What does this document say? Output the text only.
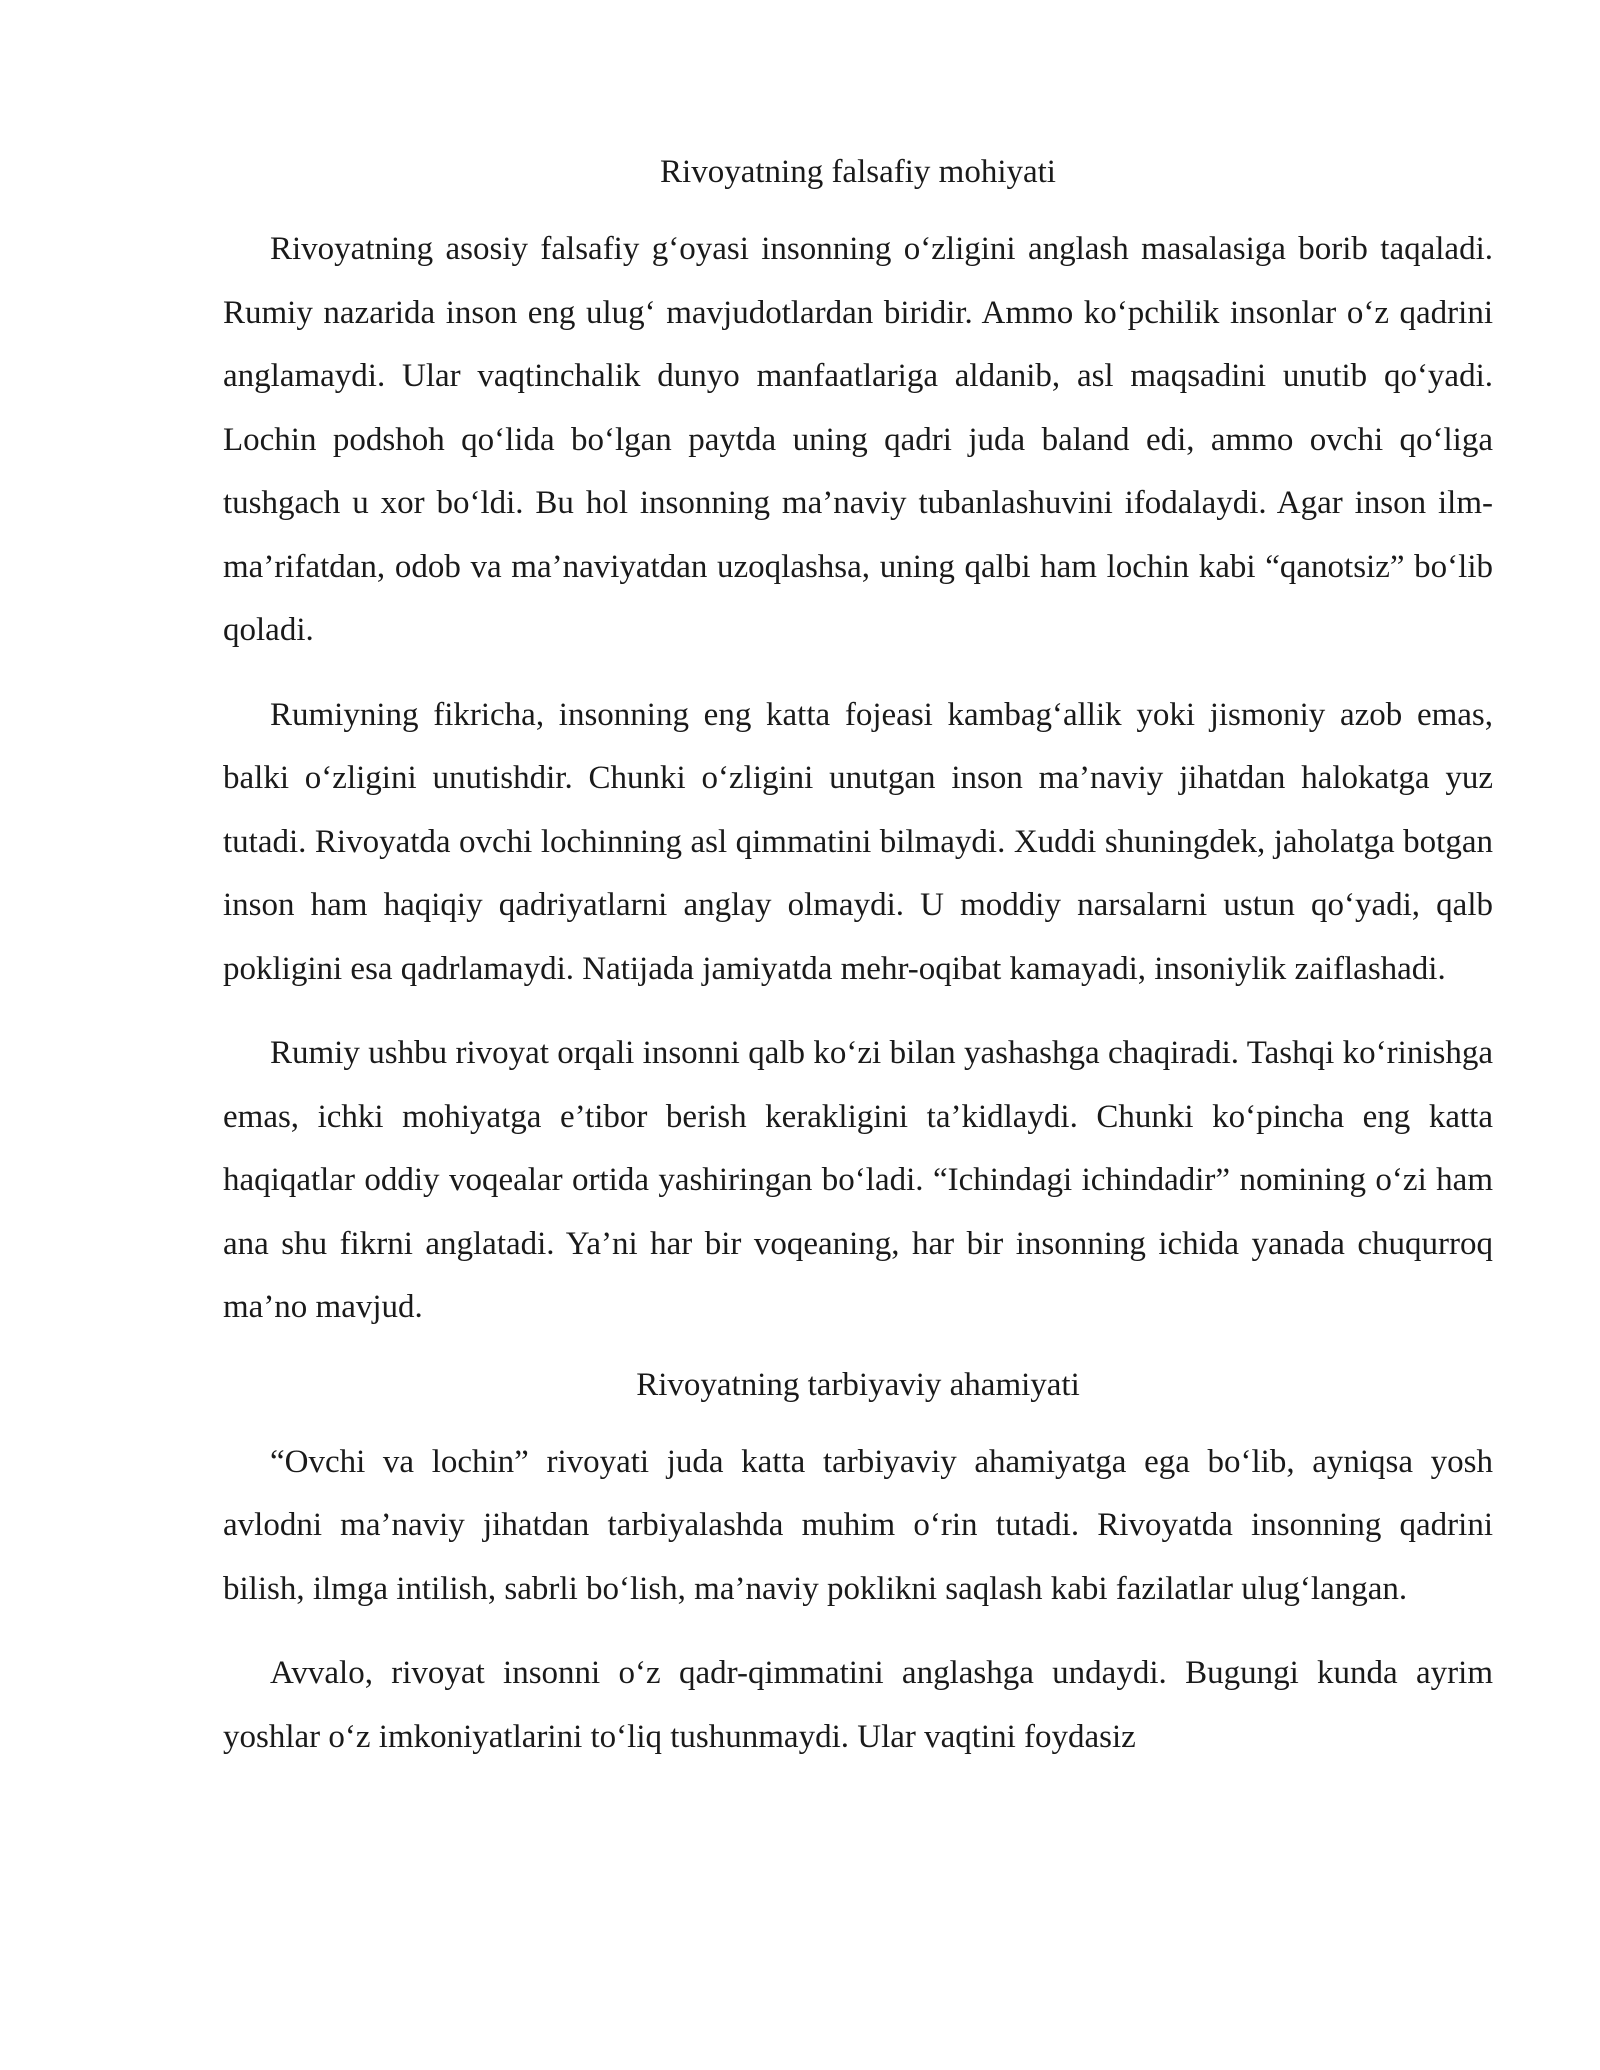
Rivoyatning falsafiy mohiyati

Rivoyatning asosiy falsafiy g‘oyasi insonning o‘zligini anglash masalasiga borib taqaladi. Rumiy nazarida inson eng ulug‘ mavjudotlardan biridir. Ammo ko‘pchilik insonlar o‘z qadrini anglamaydi. Ular vaqtinchalik dunyo manfaatlariga aldanib, asl maqsadini unutib qo‘yadi. Lochin podshoh qo‘lida bo‘lgan paytda uning qadri juda baland edi, ammo ovchi qo‘liga tushgach u xor bo‘ldi. Bu hol insonning ma’naviy tubanlashuvini ifodalaydi. Agar inson ilm-ma’rifatdan, odob va ma’naviyatdan uzoqlashsa, uning qalbi ham lochin kabi “qanotsiz” bo‘lib qoladi.

Rumiyning fikricha, insonning eng katta fojeasi kambag‘allik yoki jismoniy azob emas, balki o‘zligini unutishdir. Chunki o‘zligini unutgan inson ma’naviy jihatdan halokatga yuz tutadi. Rivoyatda ovchi lochinning asl qimmatini bilmaydi. Xuddi shuningdek, jaholatga botgan inson ham haqiqiy qadriyatlarni anglay olmaydi. U moddiy narsalarni ustun qo‘yadi, qalb pokligini esa qadrlamaydi. Natijada jamiyatda mehr-oqibat kamayadi, insoniylik zaiflashadi.

Rumiy ushbu rivoyat orqali insonni qalb ko‘zi bilan yashashga chaqiradi. Tashqi ko‘rinishga emas, ichki mohiyatga e’tibor berish kerakligini ta’kidlaydi. Chunki ko‘pincha eng katta haqiqatlar oddiy voqealar ortida yashiringan bo‘ladi. “Ichindagi ichindadir” nomining o‘zi ham ana shu fikrni anglatadi. Ya’ni har bir voqeaning, har bir insonning ichida yanada chuqurroq ma’no mavjud.

Rivoyatning tarbiyaviy ahamiyati

“Ovchi va lochin” rivoyati juda katta tarbiyaviy ahamiyatga ega bo‘lib, ayniqsa yosh avlodni ma’naviy jihatdan tarbiyalashda muhim o‘rin tutadi. Rivoyatda insonning qadrini bilish, ilmga intilish, sabrli bo‘lish, ma’naviy poklikni saqlash kabi fazilatlar ulug‘langan.

Avvalo, rivoyat insonni o‘z qadr-qimmatini anglashga undaydi. Bugungi kunda ayrim yoshlar o‘z imkoniyatlarini to‘liq tushunmaydi. Ular vaqtini foydasiz
